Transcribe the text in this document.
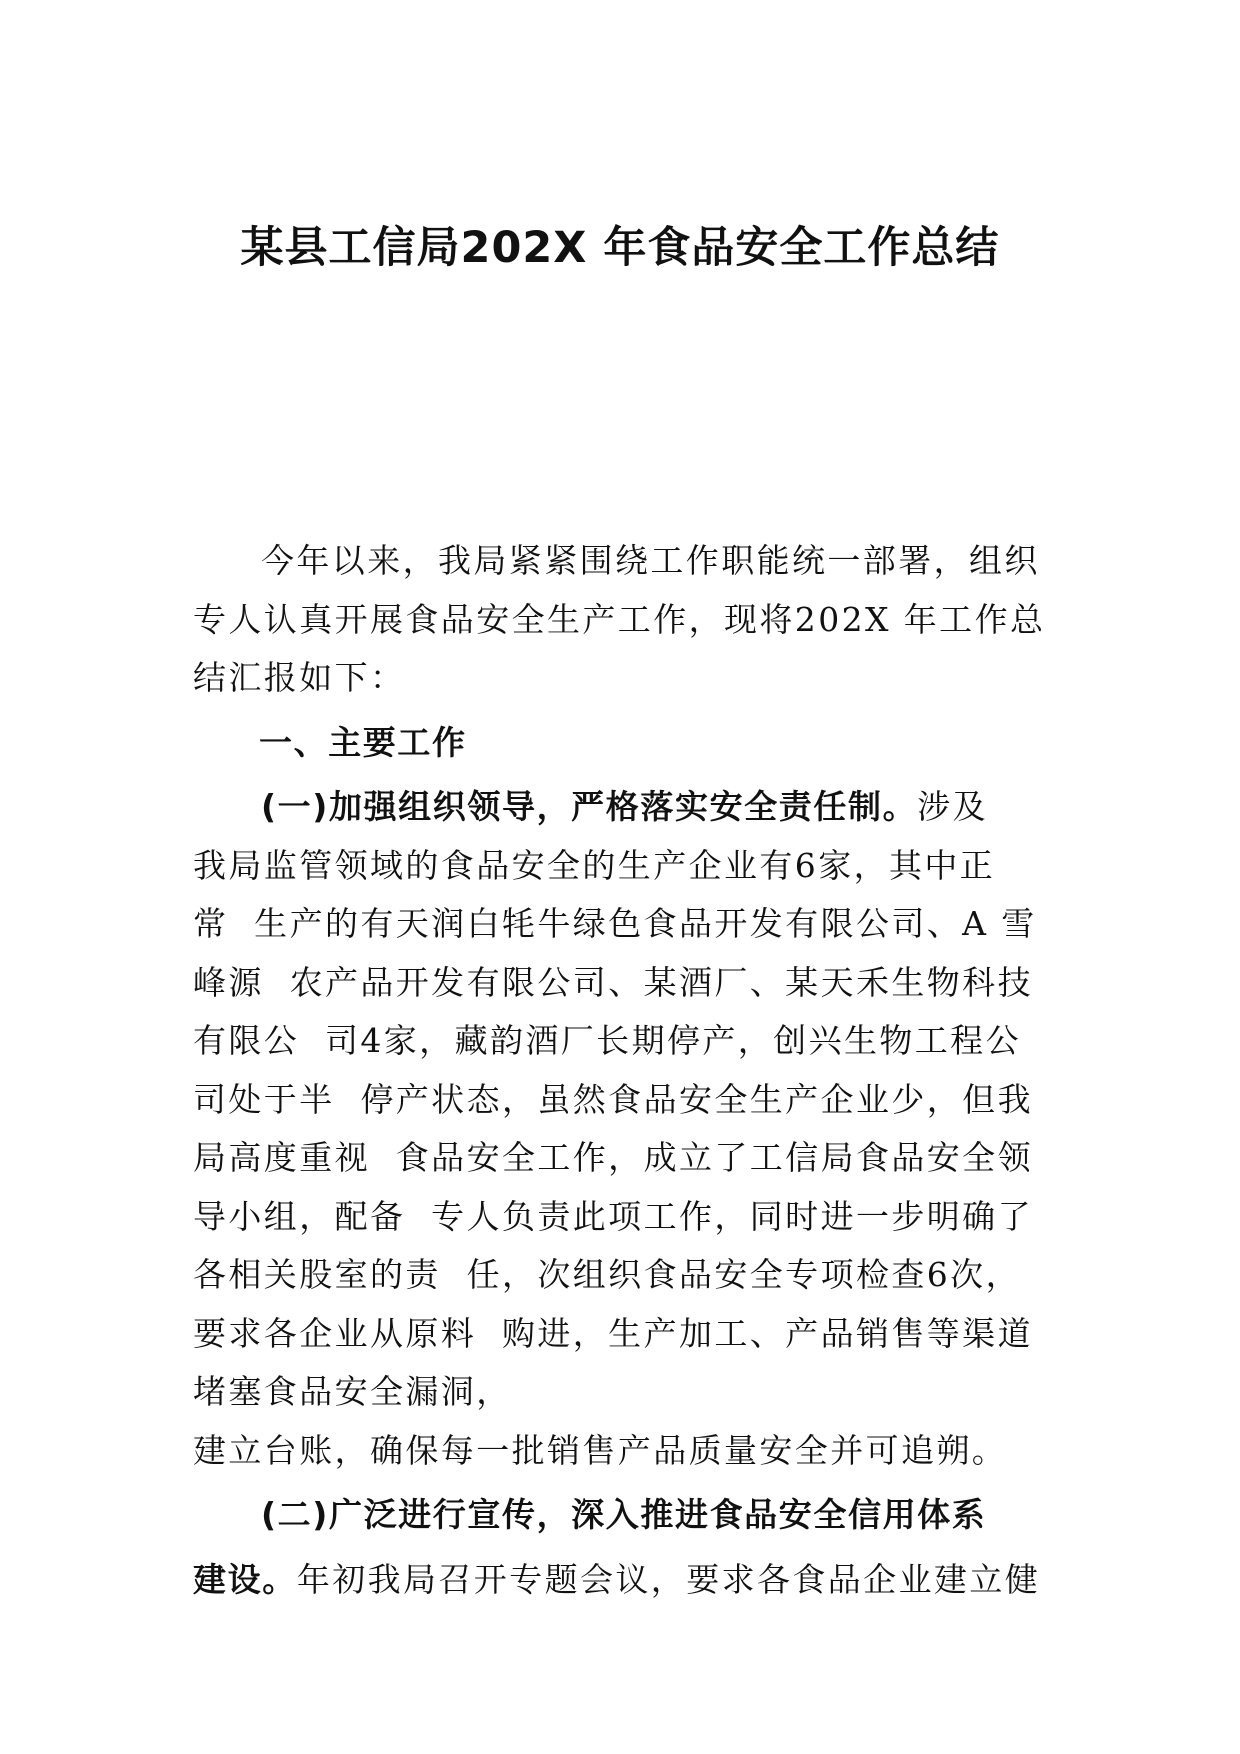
某县工信局202X 年食品安全工作总结
今年以来，我局紧紧围绕工作职能统一部署，组织
专人认真开展食品安全生产工作，现将202X 年工作总
结汇报如下：
一、主要工作
(一)加强组织领导，严格落实安全责任制。涉及
我局监管领域的食品安全的生产企业有6家，其中正
常  生产的有天润白牦牛绿色食品开发有限公司、A 雪
峰源  农产品开发有限公司、某酒厂、某天禾生物科技
有限公  司4家，藏韵酒厂长期停产，创兴生物工程公
司处于半  停产状态，虽然食品安全生产企业少，但我
局高度重视  食品安全工作，成立了工信局食品安全领
导小组，配备  专人负责此项工作，同时进一步明确了
各相关股室的责  任，次组织食品安全专项检查6次，
要求各企业从原料  购进，生产加工、产品销售等渠道
堵塞食品安全漏洞，
建立台账，确保每一批销售产品质量安全并可追朔。
(二)广泛进行宣传，深入推进食品安全信用体系
建设。年初我局召开专题会议，要求各食品企业建立健
